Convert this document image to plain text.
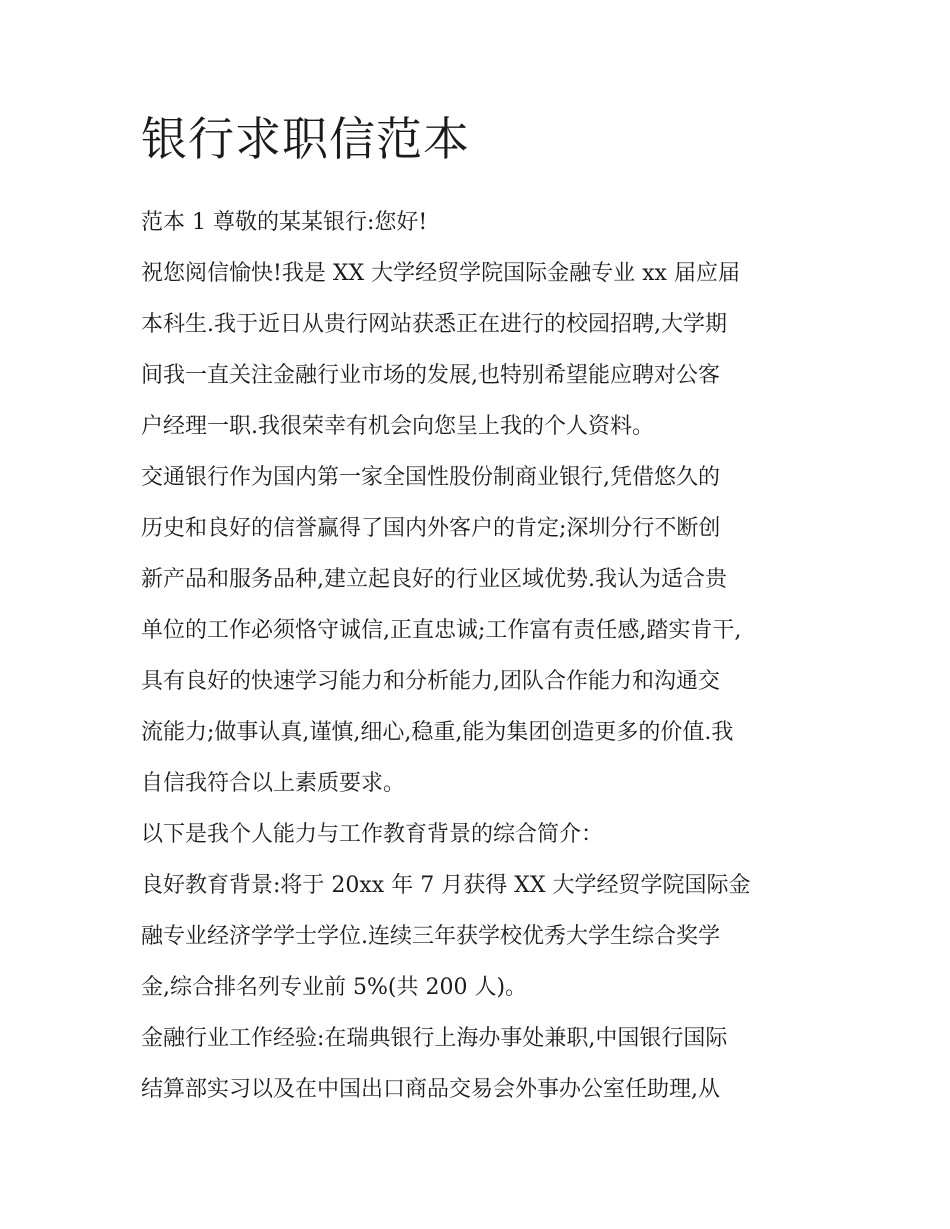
银行求职信范本
范本 1 尊敬的某某银行:您好!
祝您阅信愉快!我是 XX 大学经贸学院国际金融专业 xx 届应届
本科生.我于近日从贵行网站获悉正在进行的校园招聘,大学期
间我一直关注金融行业市场的发展,也特别希望能应聘对公客
户经理一职.我很荣幸有机会向您呈上我的个人资料。
交通银行作为国内第一家全国性股份制商业银行,凭借悠久的
历史和良好的信誉赢得了国内外客户的肯定;深圳分行不断创
新产品和服务品种,建立起良好的行业区域优势.我认为适合贵
单位的工作必须恪守诚信,正直忠诚;工作富有责任感,踏实肯干,
具有良好的快速学习能力和分析能力,团队合作能力和沟通交
流能力;做事认真,谨慎,细心,稳重,能为集团创造更多的价值.我
自信我符合以上素质要求。
以下是我个人能力与工作教育背景的综合简介：
良好教育背景:将于 20xx 年 7 月获得 XX 大学经贸学院国际金
融专业经济学学士学位.连续三年获学校优秀大学生综合奖学
金,综合排名列专业前 5%(共 200 人)。
金融行业工作经验:在瑞典银行上海办事处兼职,中国银行国际
结算部实习以及在中国出口商品交易会外事办公室任助理,从
